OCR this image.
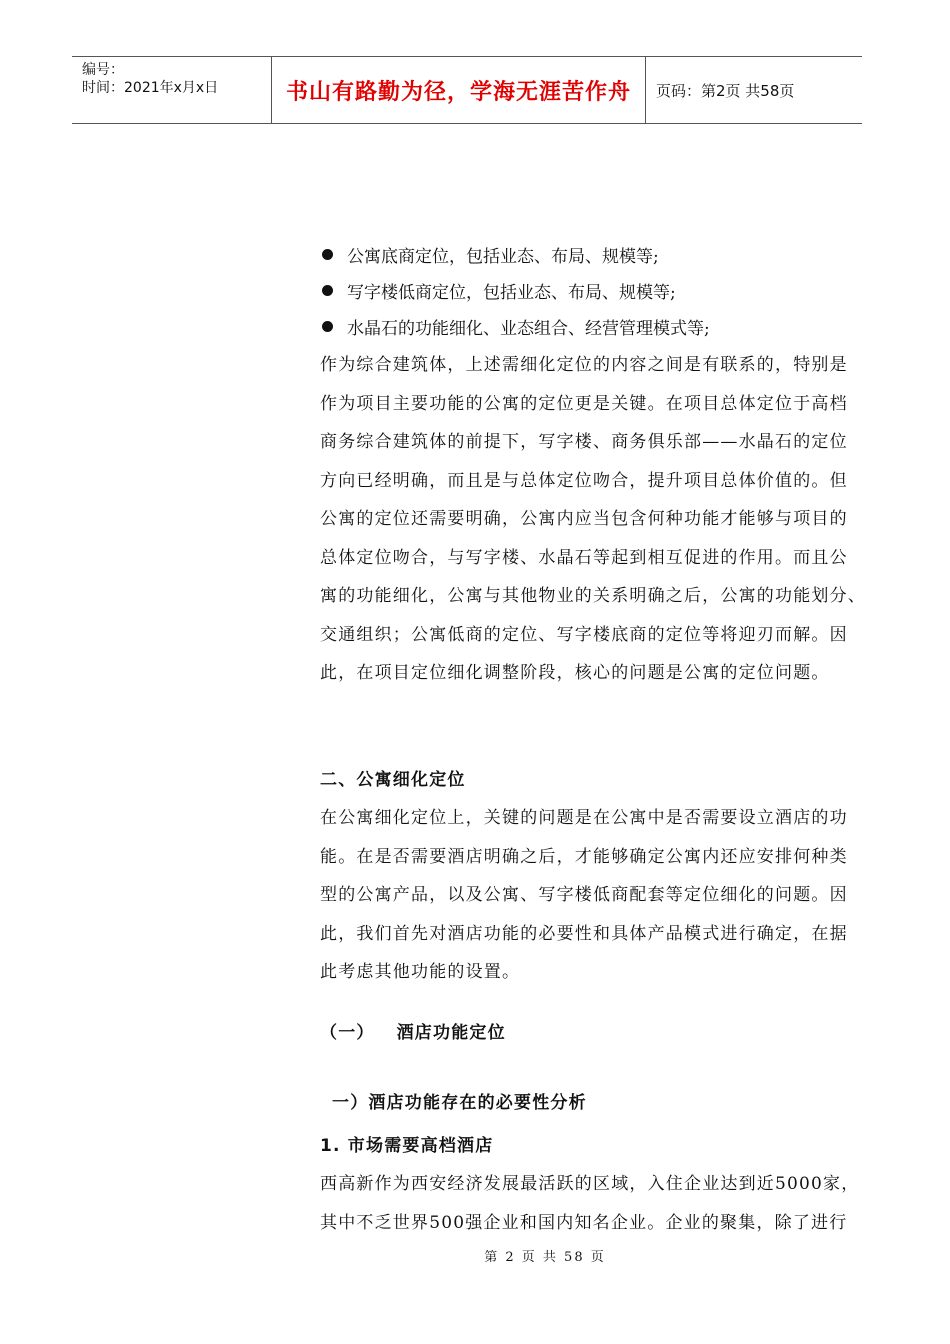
编号：
时间：2021年x月x日	书山有路勤为径，学海无涯苦作舟	页码：第2页 共58页
公寓底商定位，包括业态、布局、规模等;
写字楼低商定位，包括业态、布局、规模等;
水晶石的功能细化、业态组合、经营管理模式等;
作为综合建筑体，上述需细化定位的内容之间是有联系的，特别是
作为项目主要功能的公寓的定位更是关键。在项目总体定位于高档
商务综合建筑体的前提下，写字楼、商务俱乐部——水晶石的定位
方向已经明确，而且是与总体定位吻合，提升项目总体价值的。但
公寓的定位还需要明确，公寓内应当包含何种功能才能够与项目的
总体定位吻合，与写字楼、水晶石等起到相互促进的作用。而且公
寓的功能细化，公寓与其他物业的关系明确之后，公寓的功能划分、
交通组织；公寓低商的定位、写字楼底商的定位等将迎刃而解。因
此，在项目定位细化调整阶段，核心的问题是公寓的定位问题。
二、公寓细化定位
在公寓细化定位上，关键的问题是在公寓中是否需要设立酒店的功
能。在是否需要酒店明确之后，才能够确定公寓内还应安排何种类
型的公寓产品，以及公寓、写字楼低商配套等定位细化的问题。因
此，我们首先对酒店功能的必要性和具体产品模式进行确定，在据
此考虑其他功能的设置。
（一） 酒店功能定位
一）酒店功能存在的必要性分析
1. 市场需要高档酒店
西高新作为西安经济发展最活跃的区域，入住企业达到近5000家，
其中不乏世界500强企业和国内知名企业。企业的聚集，除了进行
第 2 页 共 58 页
